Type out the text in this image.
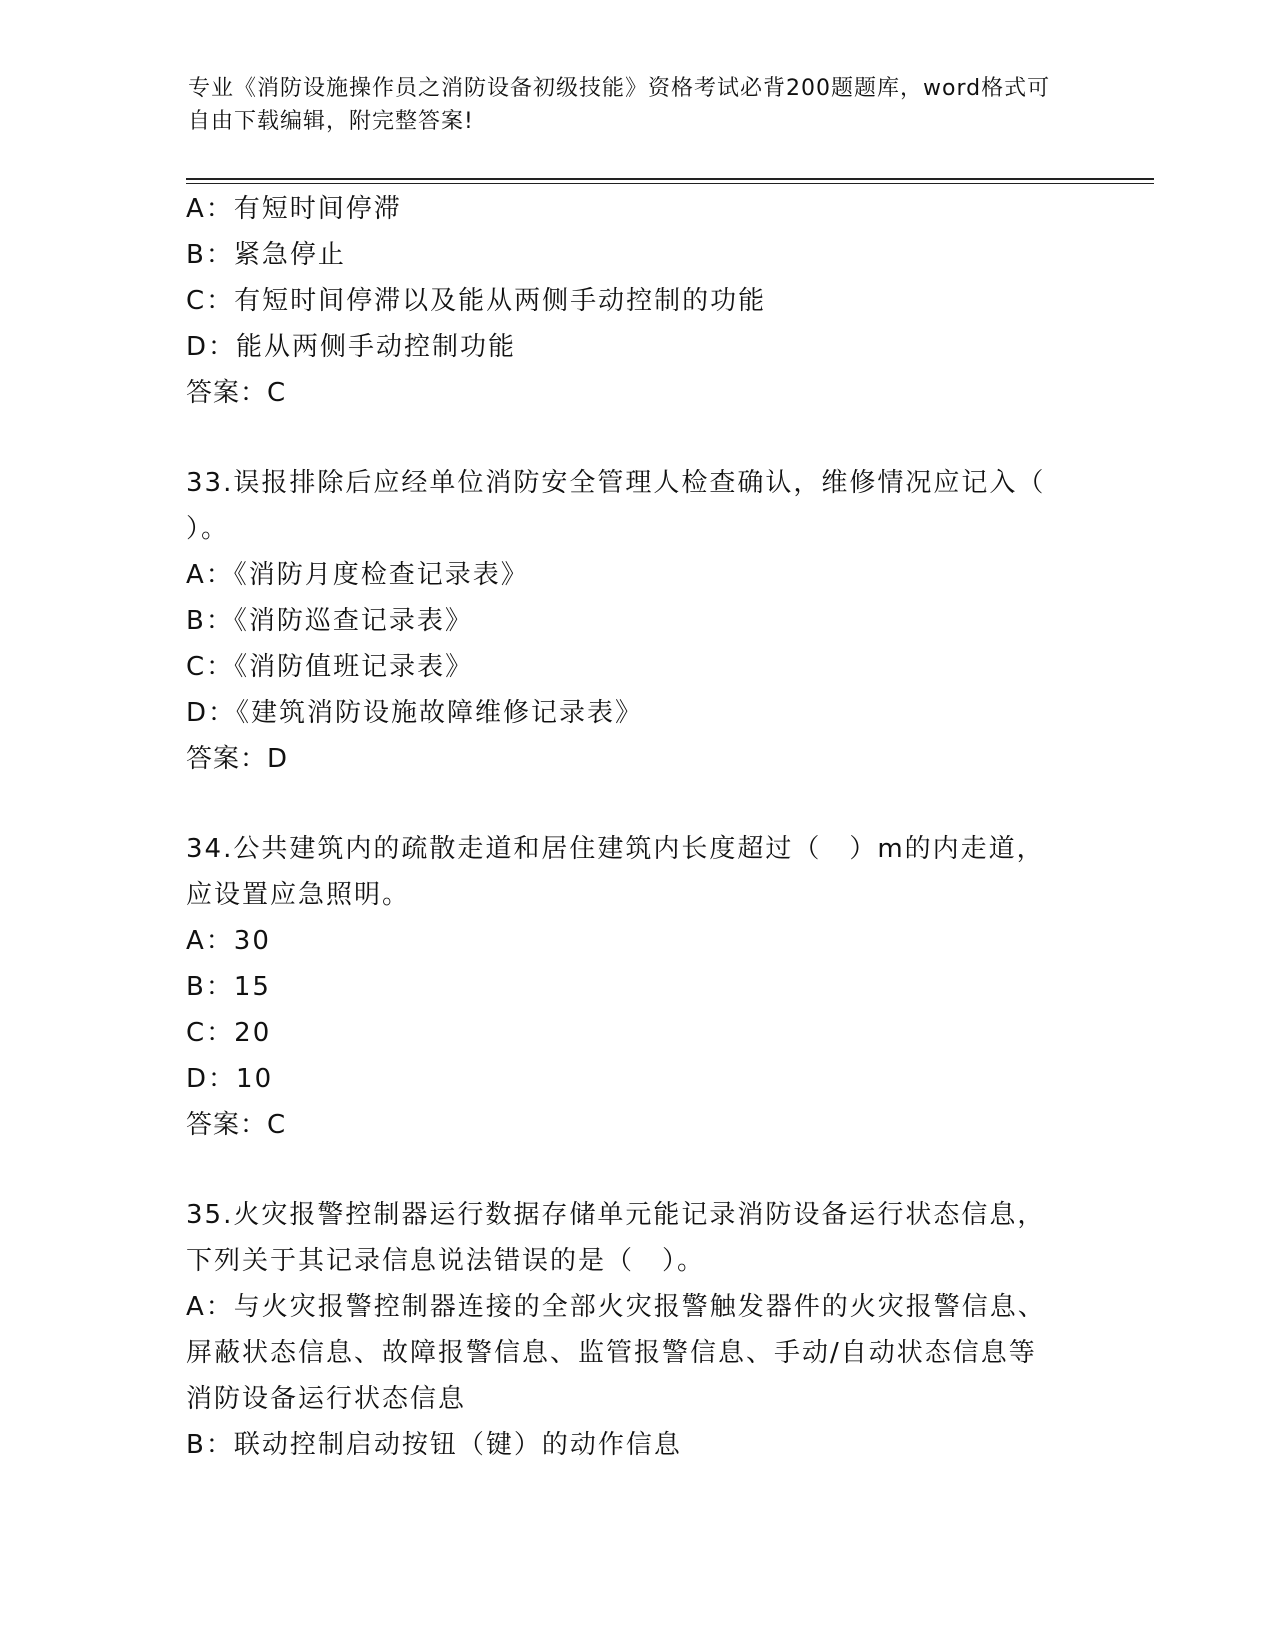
专业《消防设施操作员之消防设备初级技能》资格考试必背200题题库，word格式可自由下载编辑，附完整答案!
A：有短时间停滞
B：紧急停止
C：有短时间停滞以及能从两侧手动控制的功能
D：能从两侧手动控制功能
答案：C
33.误报排除后应经单位消防安全管理人检查确认，维修情况应记入（
）。
A：《消防月度检查记录表》
B：《消防巡查记录表》
C：《消防值班记录表》
D：《建筑消防设施故障维修记录表》
答案：D
34.公共建筑内的疏散走道和居住建筑内长度超过（　）m的内走道，
应设置应急照明。
A：30
B：15
C：20
D：10
答案：C
35.火灾报警控制器运行数据存储单元能记录消防设备运行状态信息，
下列关于其记录信息说法错误的是（　）。
A：与火灾报警控制器连接的全部火灾报警触发器件的火灾报警信息、
屏蔽状态信息、故障报警信息、监管报警信息、手动/自动状态信息等
消防设备运行状态信息
B：联动控制启动按钮（键）的动作信息
